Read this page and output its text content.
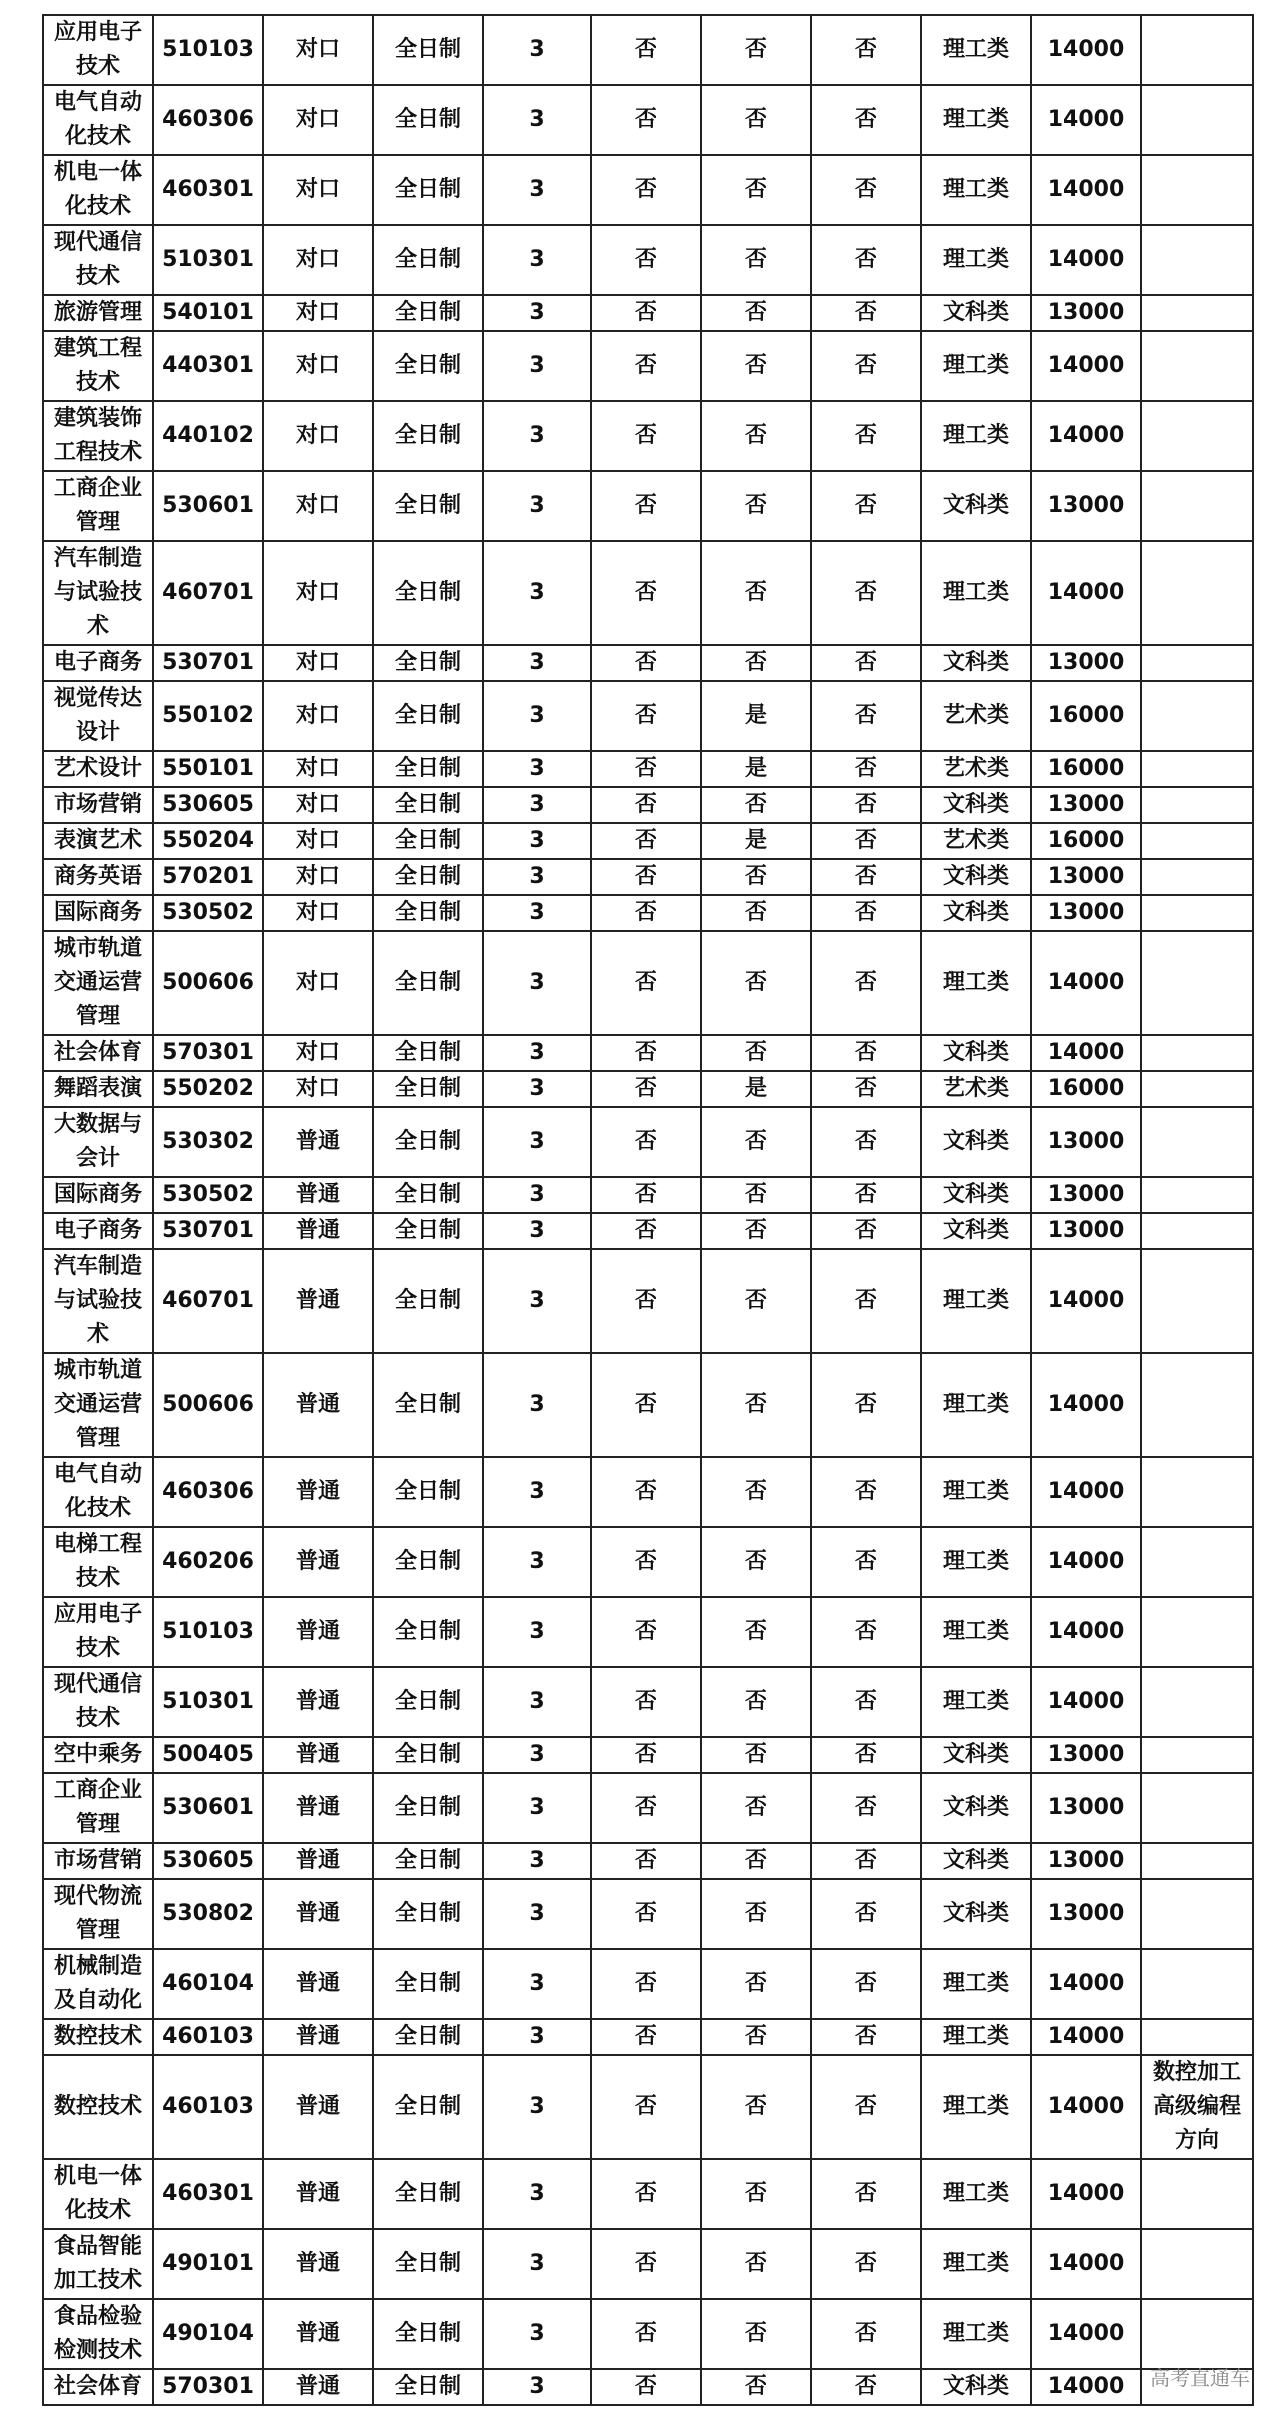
应用电子技术	510103	对口	全日制	3	否	否	否	理工类	14000	
电气自动化技术	460306	对口	全日制	3	否	否	否	理工类	14000	
机电一体化技术	460301	对口	全日制	3	否	否	否	理工类	14000	
现代通信技术	510301	对口	全日制	3	否	否	否	理工类	14000	
旅游管理	540101	对口	全日制	3	否	否	否	文科类	13000	
建筑工程技术	440301	对口	全日制	3	否	否	否	理工类	14000	
建筑装饰工程技术	440102	对口	全日制	3	否	否	否	理工类	14000	
工商企业管理	530601	对口	全日制	3	否	否	否	文科类	13000	
汽车制造与试验技术	460701	对口	全日制	3	否	否	否	理工类	14000	
电子商务	530701	对口	全日制	3	否	否	否	文科类	13000	
视觉传达设计	550102	对口	全日制	3	否	是	否	艺术类	16000	
艺术设计	550101	对口	全日制	3	否	是	否	艺术类	16000	
市场营销	530605	对口	全日制	3	否	否	否	文科类	13000	
表演艺术	550204	对口	全日制	3	否	是	否	艺术类	16000	
商务英语	570201	对口	全日制	3	否	否	否	文科类	13000	
国际商务	530502	对口	全日制	3	否	否	否	文科类	13000	
城市轨道交通运营管理	500606	对口	全日制	3	否	否	否	理工类	14000	
社会体育	570301	对口	全日制	3	否	否	否	文科类	14000	
舞蹈表演	550202	对口	全日制	3	否	是	否	艺术类	16000	
大数据与会计	530302	普通	全日制	3	否	否	否	文科类	13000	
国际商务	530502	普通	全日制	3	否	否	否	文科类	13000	
电子商务	530701	普通	全日制	3	否	否	否	文科类	13000	
汽车制造与试验技术	460701	普通	全日制	3	否	否	否	理工类	14000	
城市轨道交通运营管理	500606	普通	全日制	3	否	否	否	理工类	14000	
电气自动化技术	460306	普通	全日制	3	否	否	否	理工类	14000	
电梯工程技术	460206	普通	全日制	3	否	否	否	理工类	14000	
应用电子技术	510103	普通	全日制	3	否	否	否	理工类	14000	
现代通信技术	510301	普通	全日制	3	否	否	否	理工类	14000	
空中乘务	500405	普通	全日制	3	否	否	否	文科类	13000	
工商企业管理	530601	普通	全日制	3	否	否	否	文科类	13000	
市场营销	530605	普通	全日制	3	否	否	否	文科类	13000	
现代物流管理	530802	普通	全日制	3	否	否	否	文科类	13000	
机械制造及自动化	460104	普通	全日制	3	否	否	否	理工类	14000	
数控技术	460103	普通	全日制	3	否	否	否	理工类	14000	
数控技术	460103	普通	全日制	3	否	否	否	理工类	14000	数控加工高级编程方向
机电一体化技术	460301	普通	全日制	3	否	否	否	理工类	14000	
食品智能加工技术	490101	普通	全日制	3	否	否	否	理工类	14000	
食品检验检测技术	490104	普通	全日制	3	否	否	否	理工类	14000	
社会体育	570301	普通	全日制	3	否	否	否	文科类	14000	高考直通车
